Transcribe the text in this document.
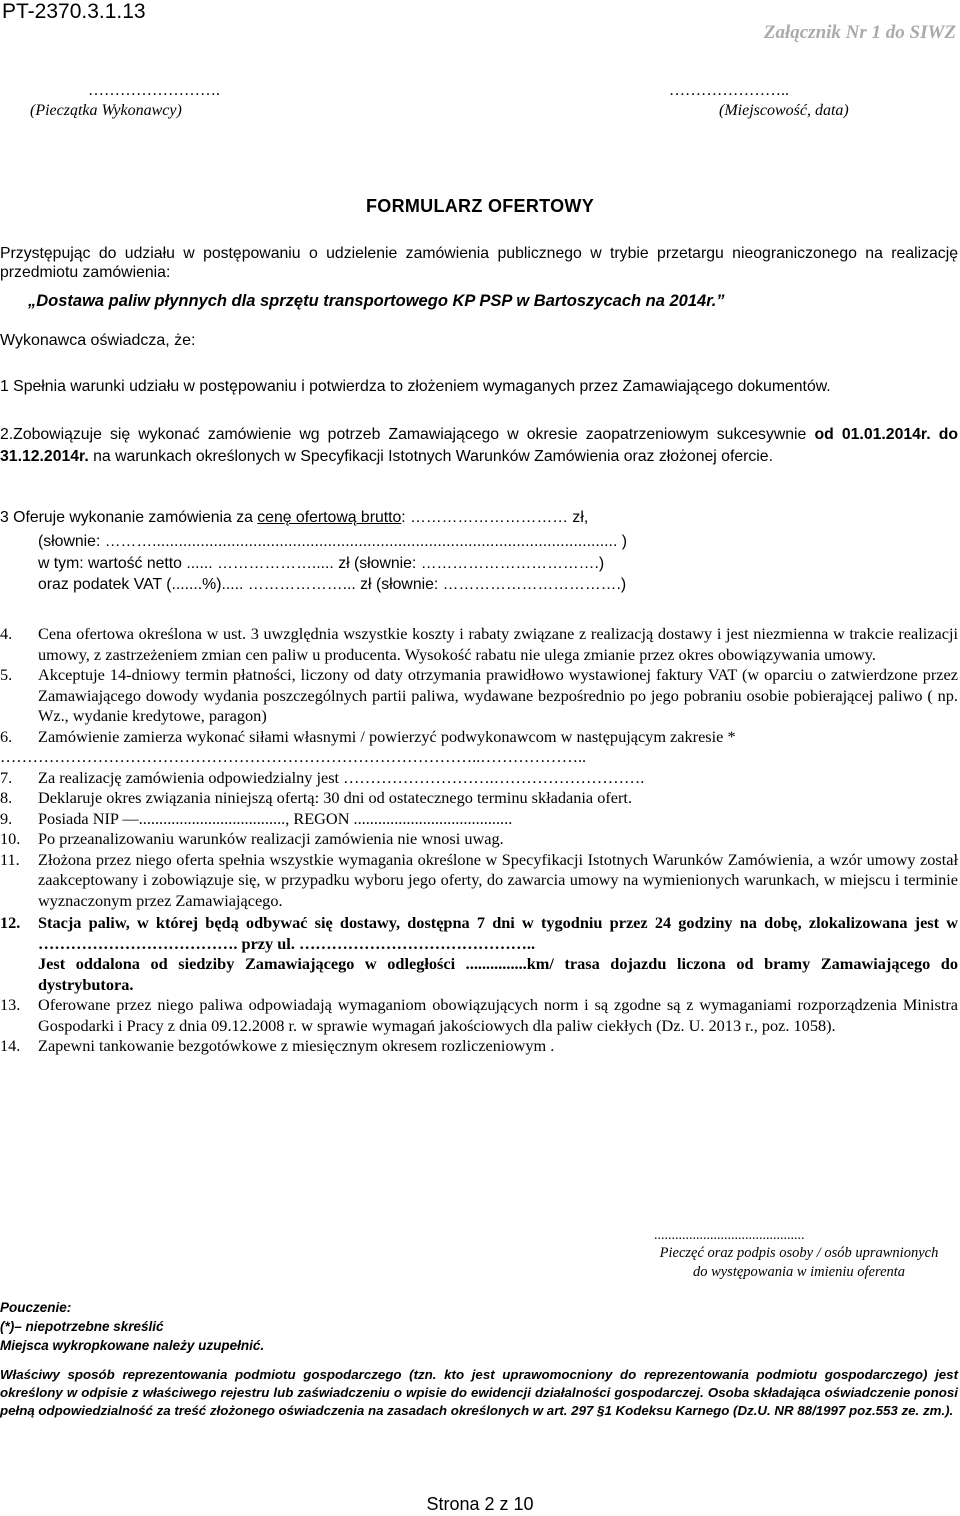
PT-2370.3.1.13
Załącznik Nr 1 do SIWZ
…………………….	…………………..
(Pieczątka Wykonawcy)	(Miejscowość, data)
FORMULARZ OFERTOWY
Przystępując do udziału w postępowaniu o udzielenie zamówienia publicznego w trybie przetargu nieograniczonego na realizację przedmiotu zamówienia:
„Dostawa paliw płynnych dla sprzętu transportowego KP PSP w Bartoszycach na 2014r.”
Wykonawca oświadcza, że:
1 Spełnia warunki udziału w postępowaniu i potwierdza to złożeniem wymaganych przez Zamawiającego dokumentów.
2.Zobowiązuje się wykonać zamówienie wg potrzeb Zamawiającego w okresie zaopatrzeniowym sukcesywnie od 01.01.2014r. do 31.12.2014r. na warunkach określonych w Specyfikacji Istotnych Warunków Zamówienia oraz złożonej ofercie.
3 Oferuje wykonanie zamówienia za cenę ofertową brutto: ………………………… zł,
(słownie: ……….......................................................................................................... )
w tym: wartość netto ...... ………………..... zł (słownie: …………………………….)
oraz podatek VAT (.......%)..... ………………... zł (słownie: …………………………….)
4.	Cena ofertowa określona w ust. 3 uwzględnia wszystkie koszty i rabaty związane z realizacją dostawy i jest niezmienna w trakcie realizacji umowy, z zastrzeżeniem zmian cen paliw u producenta. Wysokość rabatu nie ulega zmianie przez okres obowiązywania umowy.
5.	Akceptuje 14-dniowy termin płatności, liczony od daty otrzymania prawidłowo wystawionej faktury VAT (w oparciu o zatwierdzone przez Zamawiającego dowody wydania poszczególnych partii paliwa, wydawane bezpośrednio po jego pobraniu osobie pobierającej paliwo ( np. Wz., wydanie kredytowe, paragon)
6.	Zamówienie zamierza wykonać siłami własnymi / powierzyć podwykonawcom w następującym zakresie *
……………………………………………………………………………..………………..
7.	Za realizację zamówienia odpowiedzialny jest ……………………….……………………….
8.	Deklaruje okres związania niniejszą ofertą: 30 dni od ostatecznego terminu składania ofert.
9.	Posiada NIP —...................................., REGON .......................................
10.	Po przeanalizowaniu warunków realizacji zamówienia nie wnosi uwag.
11.	Złożona przez niego oferta spełnia wszystkie wymagania określone w Specyfikacji Istotnych Warunków Zamówienia, a wzór umowy został zaakceptowany i zobowiązuje się, w przypadku wyboru jego oferty, do zawarcia umowy na wymienionych warunkach, w miejscu i terminie wyznaczonym przez Zamawiającego.
12.	Stacja paliw, w której będą odbywać się dostawy, dostępna 7 dni w tygodniu przez 24 godziny na dobę, zlokalizowana jest w ………………………………. przy ul. ……………………………………..
Jest oddalona od siedziby Zamawiającego w odległości ...............km/ trasa dojazdu liczona od bramy Zamawiającego do dystrybutora.
13.	Oferowane przez niego paliwa odpowiadają wymaganiom obowiązujących norm i są zgodne są z wymaganiami rozporządzenia Ministra Gospodarki i Pracy z dnia 09.12.2008 r. w sprawie wymagań jakościowych dla paliw ciekłych (Dz. U. 2013 r., poz. 1058).
14.	Zapewni tankowanie bezgotówkowe z miesięcznym okresem rozliczeniowym .
...........................................
Pieczęć oraz podpis osoby / osób uprawnionych
do występowania w imieniu oferenta
Pouczenie:
(*)– niepotrzebne skreślić
Miejsca wykropkowane należy uzupełnić.
Właściwy sposób reprezentowania podmiotu gospodarczego (tzn. kto jest uprawomocniony do reprezentowania podmiotu gospodarczego) jest określony w odpisie z właściwego rejestru lub zaświadczeniu o wpisie do ewidencji działalności gospodarczej. Osoba składająca oświadczenie ponosi pełną odpowiedzialność za treść złożonego oświadczenia na zasadach określonych w art. 297 §1 Kodeksu Karnego (Dz.U. NR 88/1997 poz.553 ze. zm.).
Strona 2 z 10
